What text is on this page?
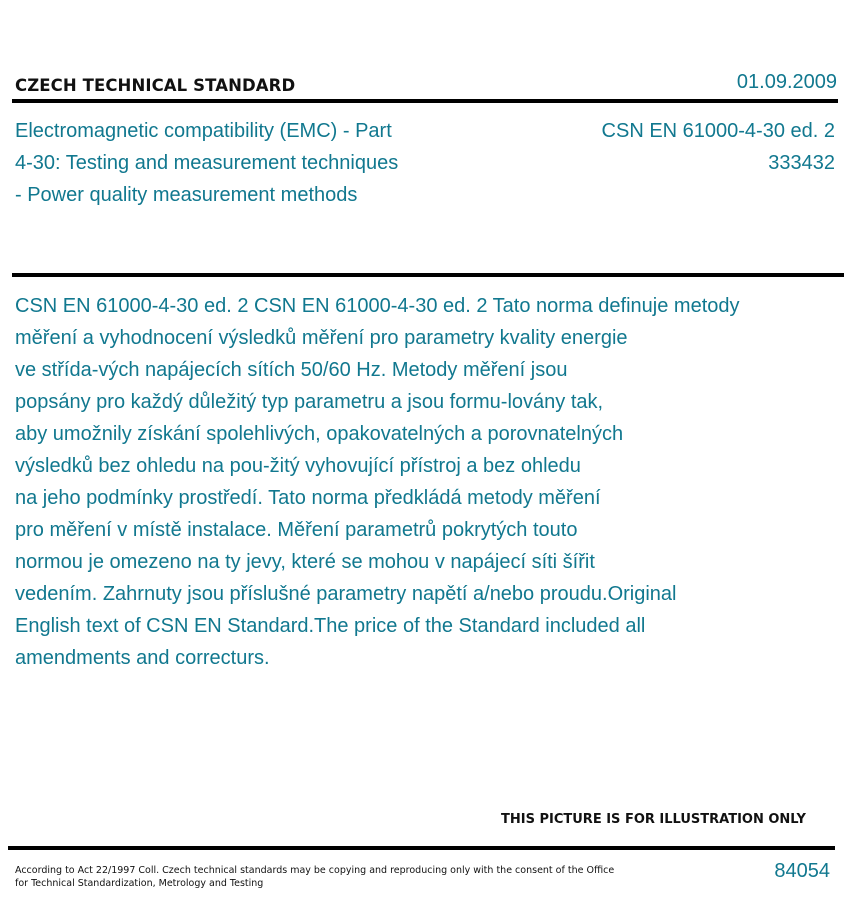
CZECH TECHNICAL STANDARD	01.09.2009
Electromagnetic compatibility (EMC) - Part
4-30: Testing and measurement techniques
- Power quality measurement methods
CSN EN 61000-4-30 ed. 2
333432
CSN EN 61000-4-30 ed. 2 CSN EN 61000-4-30 ed. 2 Tato norma definuje metody
měření a vyhodnocení výsledků měření pro parametry kvality energie
ve střída-vých napájecích sítích 50/60 Hz. Metody měření jsou
popsány pro každý důležitý typ parametru a jsou formu-lovány tak,
aby umožnily získání spolehlivých, opakovatelných a porovnatelných
výsledků bez ohledu na pou-žitý vyhovující přístroj a bez ohledu
na jeho podmínky prostředí. Tato norma předkládá metody měření
pro měření v místě instalace. Měření parametrů pokrytých touto
normou je omezeno na ty jevy, které se mohou v napájecí síti šířit
vedením. Zahrnuty jsou příslušné parametry napětí a/nebo proudu.Original
English text of CSN EN Standard.The price of the Standard included all
amendments and correcturs.
THIS PICTURE IS FOR ILLUSTRATION ONLY
According to Act 22/1997 Coll. Czech technical standards may be copying and reproducing only with the consent of the Office
for Technical Standardization, Metrology and Testing
84054
